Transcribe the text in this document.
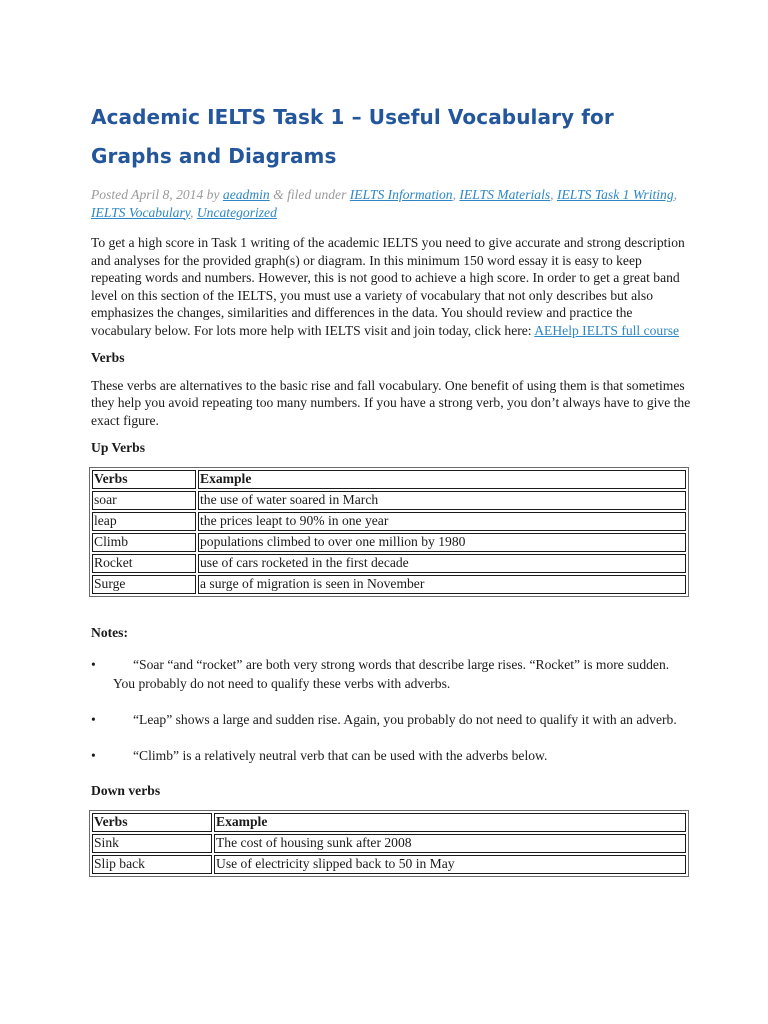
Academic IELTS Task 1 – Useful Vocabulary for Graphs and Diagrams
Posted April 8, 2014 by aeadmin & filed under IELTS Information, IELTS Materials, IELTS Task 1 Writing, IELTS Vocabulary, Uncategorized

To get a high score in Task 1 writing of the academic IELTS you need to give accurate and strong description and analyses for the provided graph(s) or diagram. In this minimum 150 word essay it is easy to keep repeating words and numbers. However, this is not good to achieve a high score. In order to get a great band level on this section of the IELTS, you must use a variety of vocabulary that not only describes but also emphasizes the changes, similarities and differences in the data. You should review and practice the vocabulary below. For lots more help with IELTS visit and join today, click here: AEHelp IELTS full course

Verbs

These verbs are alternatives to the basic rise and fall vocabulary. One benefit of using them is that sometimes they help you avoid repeating too many numbers. If you have a strong verb, you don’t always have to give the exact figure.

Up Verbs
Verbs	Example
soar	the use of water soared in March
leap	the prices leapt to 90% in one year
Climb	populations climbed to over one million by 1980
Rocket	use of cars rocketed in the first decade
Surge	a surge of migration is seen in November
Notes:
•	“Soar “and “rocket” are both very strong words that describe large rises. “Rocket” is more sudden. You probably do not need to qualify these verbs with adverbs.
•	“Leap” shows a large and sudden rise. Again, you probably do not need to qualify it with an adverb.
•	“Climb” is a relatively neutral verb that can be used with the adverbs below.
Down verbs
Verbs	Example
Sink	The cost of housing sunk after 2008
Slip back	Use of electricity slipped back to 50 in May
